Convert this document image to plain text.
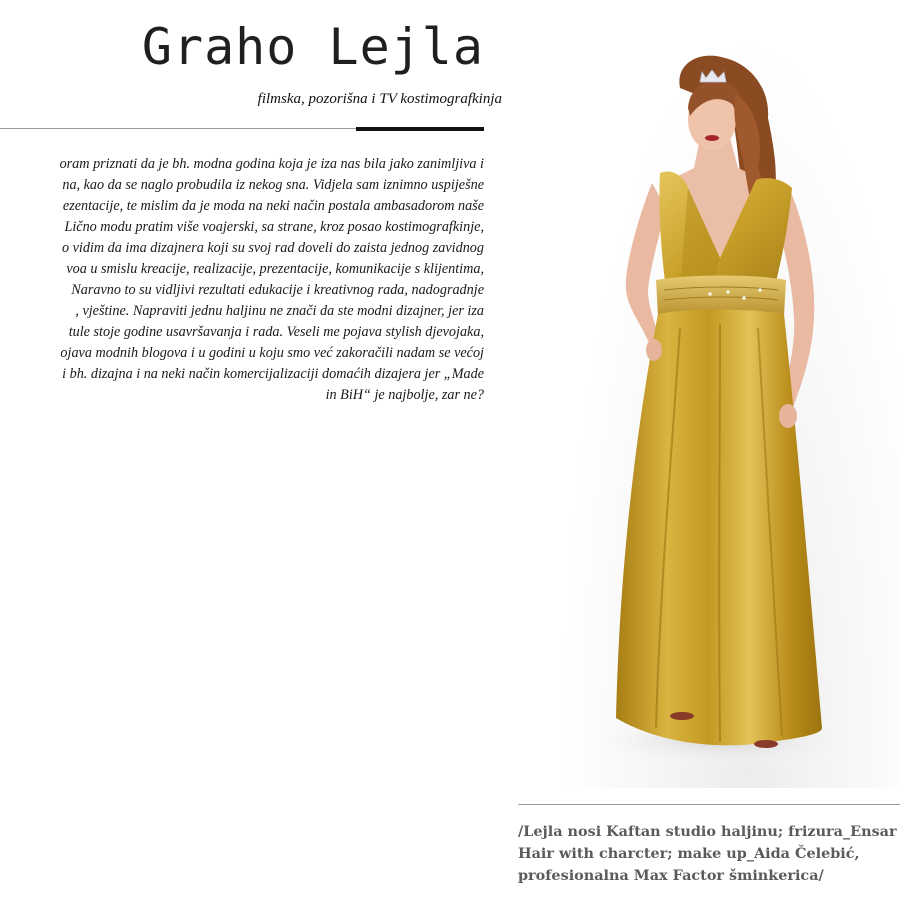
Graho Lejla
filmska, pozorišna i TV kostimografkinja
oram priznati da je bh. modna godina koja je iza nas bila jako zanimljiva i
na, kao da se naglo probudila iz nekog sna. Vidjela sam iznimno uspiješne
ezentacije, te mislim da je moda na neki način postala ambasadorom naše
Lično modu pratim više voajerski, sa strane, kroz posao kostimografkinje,
o vidim da ima dizajnera koji su svoj rad doveli do zaista jednog zavidnog
voa u smislu kreacije, realizacije, prezentacije, komunikacije s klijentima,
Naravno to su vidljivi rezultati edukacije i kreativnog rada, nadogradnje
, vještine. Napraviti jednu haljinu ne znači da ste modni dizajner, jer iza
tule stoje godine usavršavanja i rada. Veseli me pojava stylish djevojaka,
ojava modnih blogova i u godini u koju smo već zakoračili nadam se većoj
i bh. dizajna i na neki način komercijalizaciji domaćih dizajera jer „Made
in BiH“ je najbolje, zar ne?
/Lejla nosi Kaftan studio haljinu; frizura_Ensar
Hair with charcter; make up_Aida Čelebić,
profesionalna Max Factor šminkerica/
